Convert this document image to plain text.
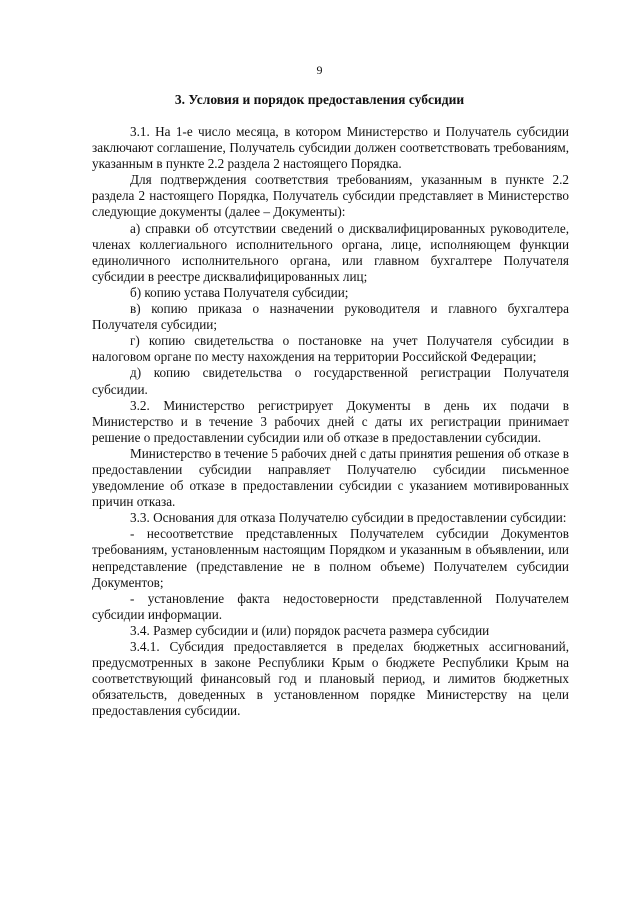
9
3. Условия и порядок предоставления субсидии

3.1. На 1-е число месяца, в котором Министерство и Получатель субсидии заключают соглашение, Получатель субсидии должен соответствовать требованиям, указанным в пункте 2.2 раздела 2 настоящего Порядка.

Для подтверждения соответствия требованиям, указанным в пункте 2.2 раздела 2 настоящего Порядка, Получатель субсидии представляет в Министерство следующие документы (далее – Документы):

а) справки об отсутствии сведений о дисквалифицированных руководителе, членах коллегиального исполнительного органа, лице, исполняющем функции единоличного исполнительного органа, или главном бухгалтере Получателя субсидии в реестре дисквалифицированных лиц;

б) копию устава Получателя субсидии;

в) копию приказа о назначении руководителя и главного бухгалтера Получателя субсидии;

г) копию свидетельства о постановке на учет Получателя субсидии в налоговом органе по месту нахождения на территории Российской Федерации;

д) копию свидетельства о государственной регистрации Получателя субсидии.

3.2. Министерство регистрирует Документы в день их подачи в Министерство и в течение 3 рабочих дней с даты их регистрации принимает решение о предоставлении субсидии или об отказе в предоставлении субсидии.

Министерство в течение 5 рабочих дней с даты принятия решения об отказе в предоставлении субсидии направляет Получателю субсидии письменное уведомление об отказе в предоставлении субсидии с указанием мотивированных причин отказа.

3.3. Основания для отказа Получателю субсидии в предоставлении субсидии:

- несоответствие представленных Получателем субсидии Документов требованиям, установленным настоящим Порядком и указанным в объявлении, или непредставление (представление не в полном объеме) Получателем субсидии Документов;

- установление факта недостоверности представленной Получателем субсидии информации.

3.4. Размер субсидии и (или) порядок расчета размера субсидии

3.4.1. Субсидия предоставляется в пределах бюджетных ассигнований, предусмотренных в законе Республики Крым о бюджете Республики Крым на соответствующий финансовый год и плановый период, и лимитов бюджетных обязательств, доведенных в установленном порядке Министерству на цели предоставления субсидии.
